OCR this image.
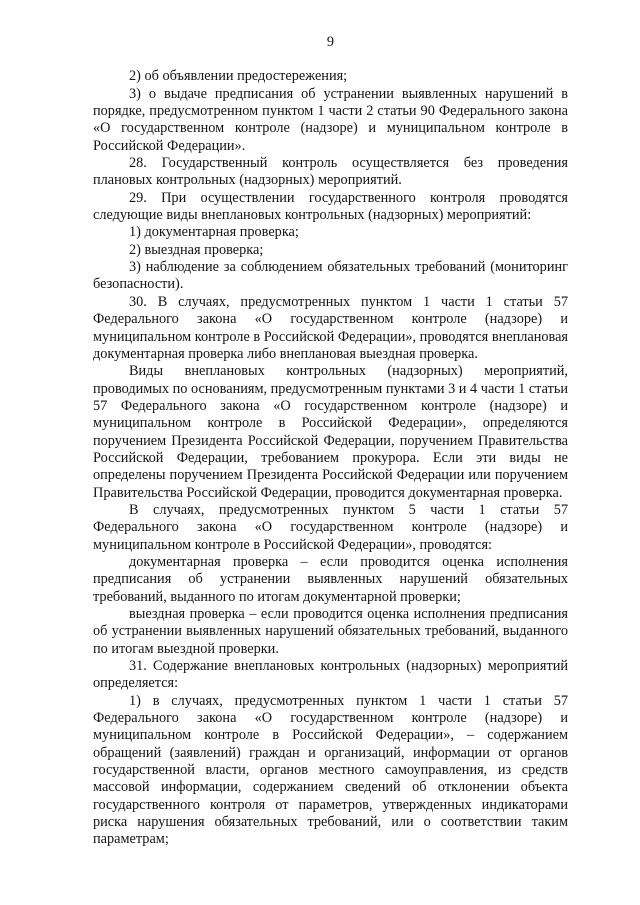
9

2) об объявлении предостережения;

3) о выдаче предписания об устранении выявленных нарушений в порядке, предусмотренном пунктом 1 части 2 статьи 90 Федерального закона «О государственном контроле (надзоре) и муниципальном контроле в Российской Федерации».

28. Государственный контроль осуществляется без проведения плановых контрольных (надзорных) мероприятий.

29. При осуществлении государственного контроля проводятся следующие виды внеплановых контрольных (надзорных) мероприятий:

1) документарная проверка;

2) выездная проверка;

3) наблюдение за соблюдением обязательных требований (мониторинг безопасности).

30. В случаях, предусмотренных пунктом 1 части 1 статьи 57 Федерального закона «О государственном контроле (надзоре) и муниципальном контроле в Российской Федерации», проводятся внеплановая документарная проверка либо внеплановая выездная проверка.

Виды внеплановых контрольных (надзорных) мероприятий, проводимых по основаниям, предусмотренным пунктами 3 и 4 части 1 статьи 57 Федерального закона «О государственном контроле (надзоре) и муниципальном контроле в Российской Федерации», определяются поручением Президента Российской Федерации, поручением Правительства Российской Федерации, требованием прокурора. Если эти виды не определены поручением Президента Российской Федерации или поручением Правительства Российской Федерации, проводится документарная проверка.

В случаях, предусмотренных пунктом 5 части 1 статьи 57 Федерального закона «О государственном контроле (надзоре) и муниципальном контроле в Российской Федерации», проводятся:

документарная проверка – если проводится оценка исполнения предписания об устранении выявленных нарушений обязательных требований, выданного по итогам документарной проверки;

выездная проверка – если проводится оценка исполнения предписания об устранении выявленных нарушений обязательных требований, выданного по итогам выездной проверки.

31. Содержание внеплановых контрольных (надзорных) мероприятий определяется:

1) в случаях, предусмотренных пунктом 1 части 1 статьи 57 Федерального закона «О государственном контроле (надзоре) и муниципальном контроле в Российской Федерации», – содержанием обращений (заявлений) граждан и организаций, информации от органов государственной власти, органов местного самоуправления, из средств массовой информации, содержанием сведений об отклонении объекта государственного контроля от параметров, утвержденных индикаторами риска нарушения обязательных требований, или о соответствии таким параметрам;
